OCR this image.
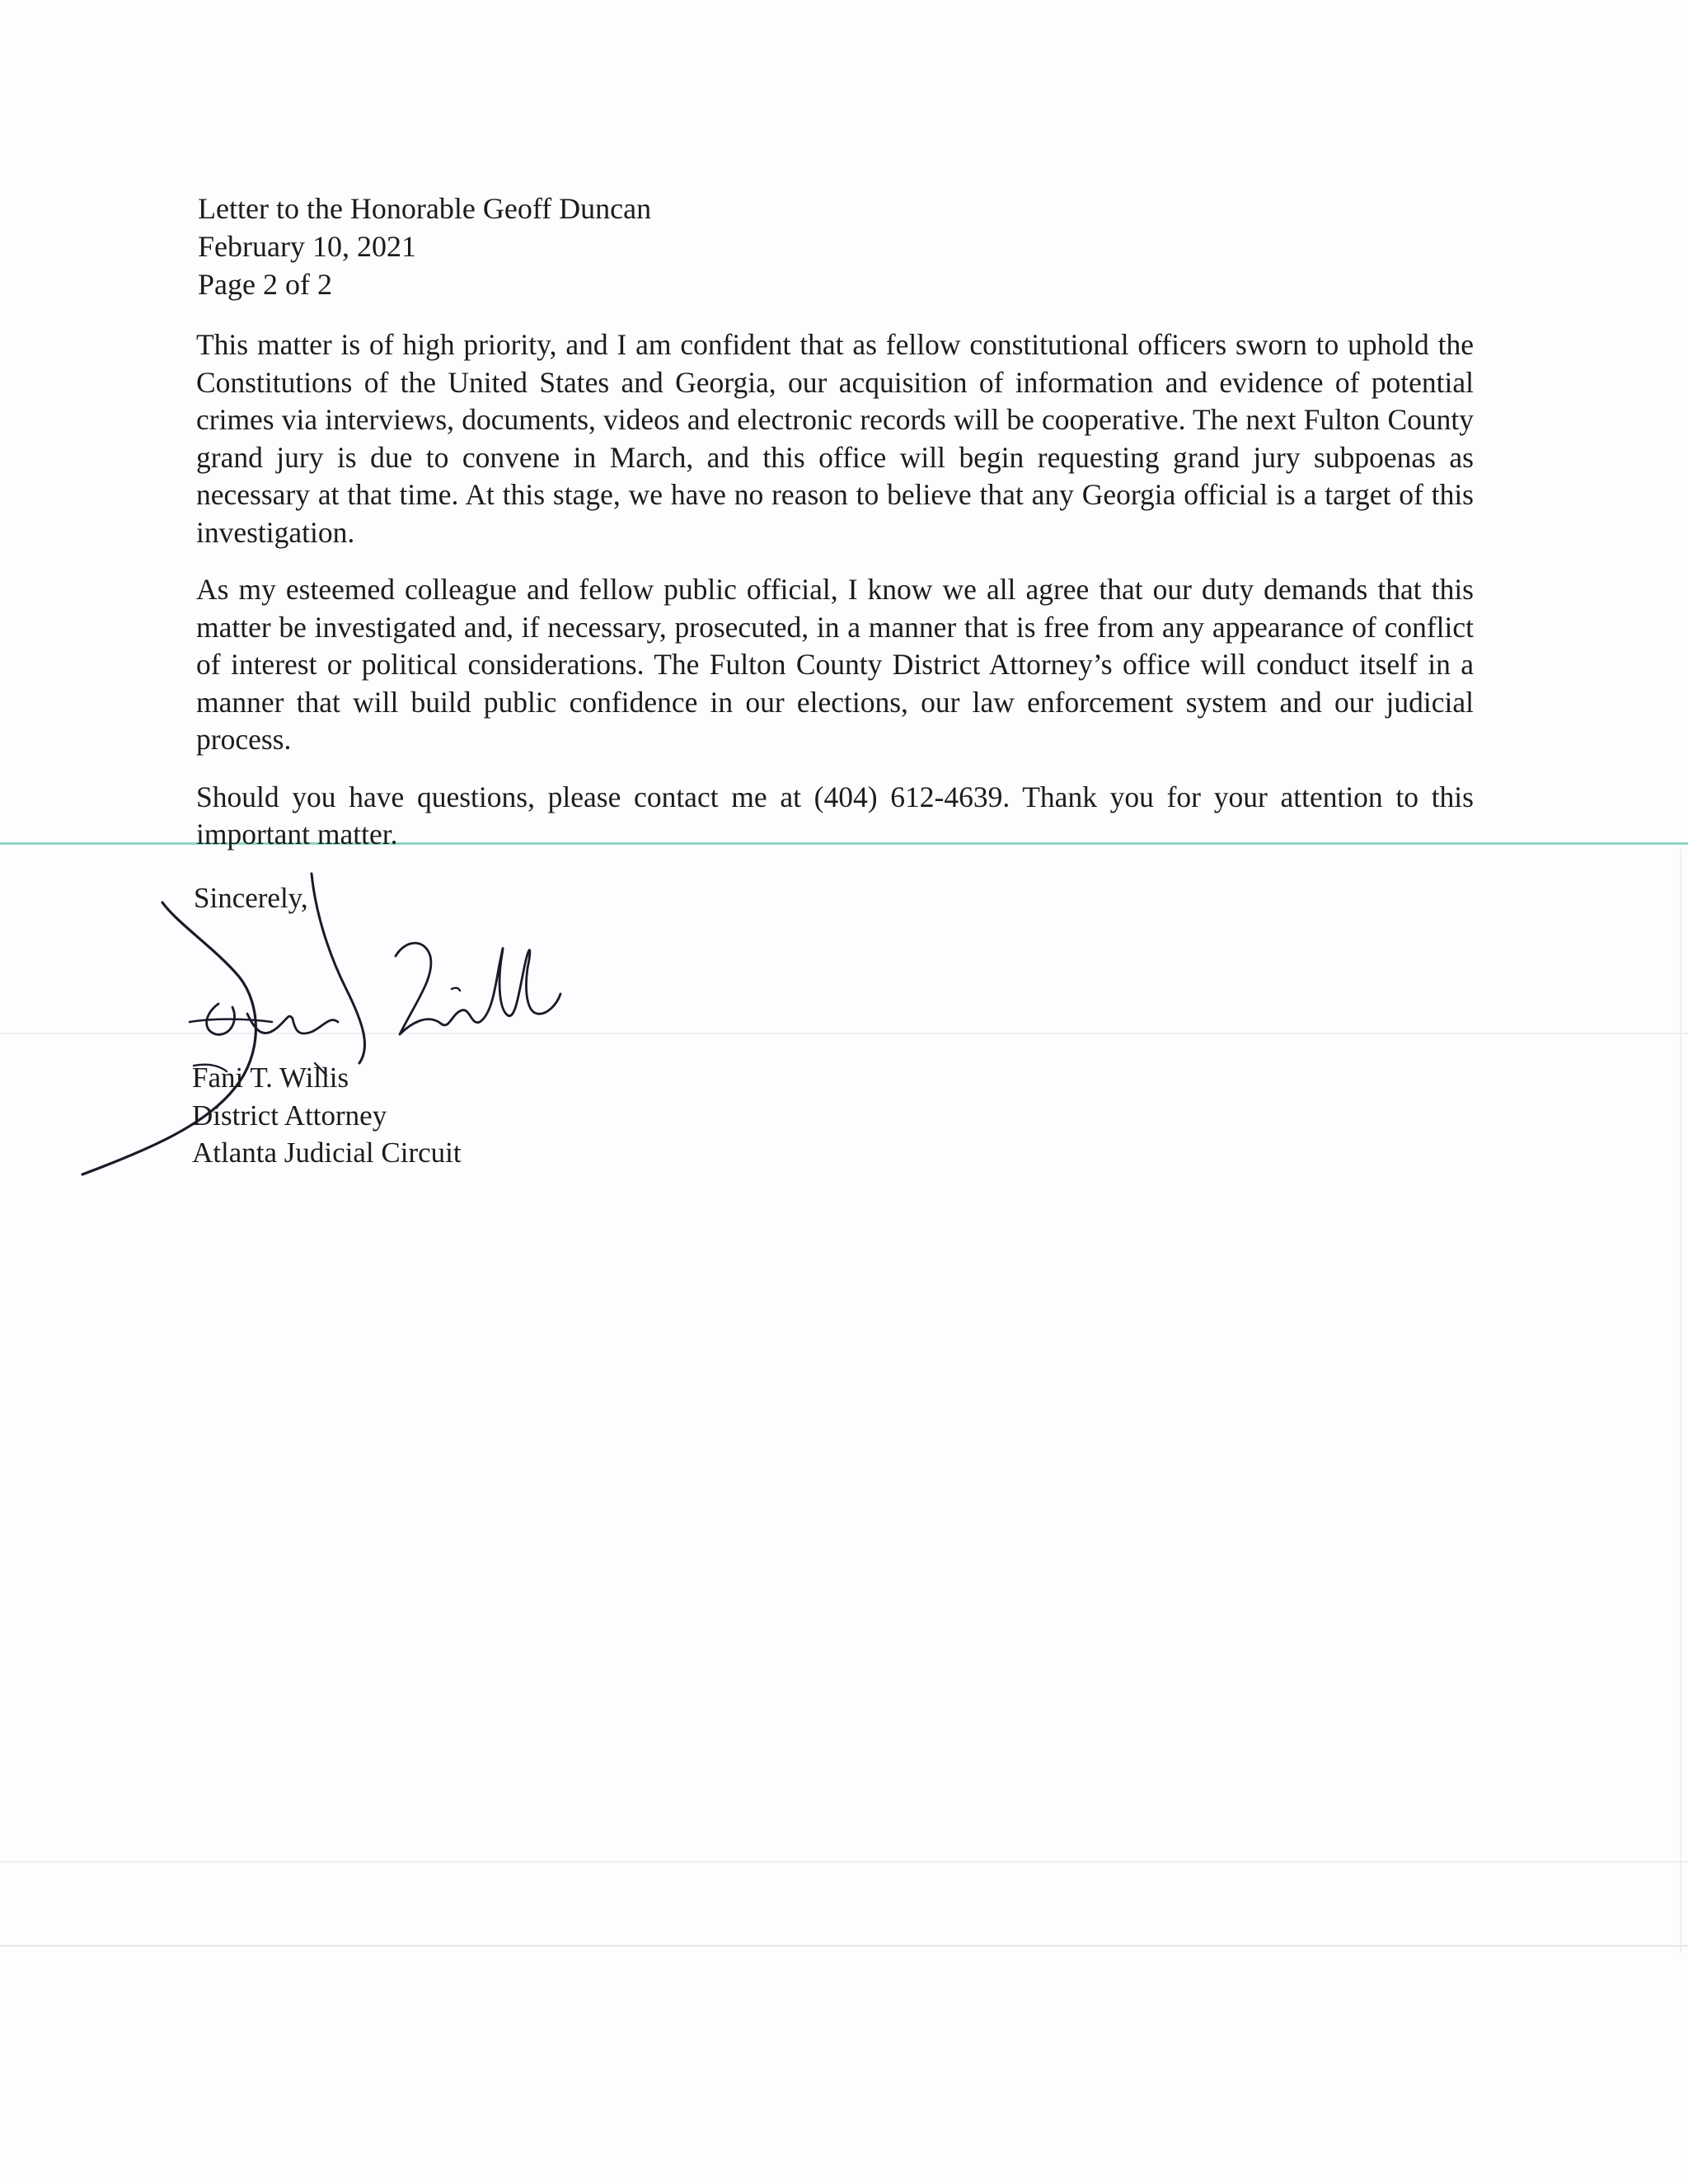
Letter to the Honorable Geoff Duncan
February 10, 2021
Page 2 of 2

This matter is of high priority, and I am confident that as fellow constitutional officers sworn to uphold the Constitutions of the United States and Georgia, our acquisition of information and evidence of potential crimes via interviews, documents, videos and electronic records will be cooperative. The next Fulton County grand jury is due to convene in March, and this office will begin requesting grand jury subpoenas as necessary at that time. At this stage, we have no reason to believe that any Georgia official is a target of this investigation.

As my esteemed colleague and fellow public official, I know we all agree that our duty demands that this matter be investigated and, if necessary, prosecuted, in a manner that is free from any appearance of conflict of interest or political considerations. The Fulton County District Attorney’s office will conduct itself in a manner that will build public confidence in our elections, our law enforcement system and our judicial process.

Should you have questions, please contact me at (404) 612-4639. Thank you for your attention to this important matter.

Sincerely,
Fani T. Willis
District Attorney
Atlanta Judicial Circuit
